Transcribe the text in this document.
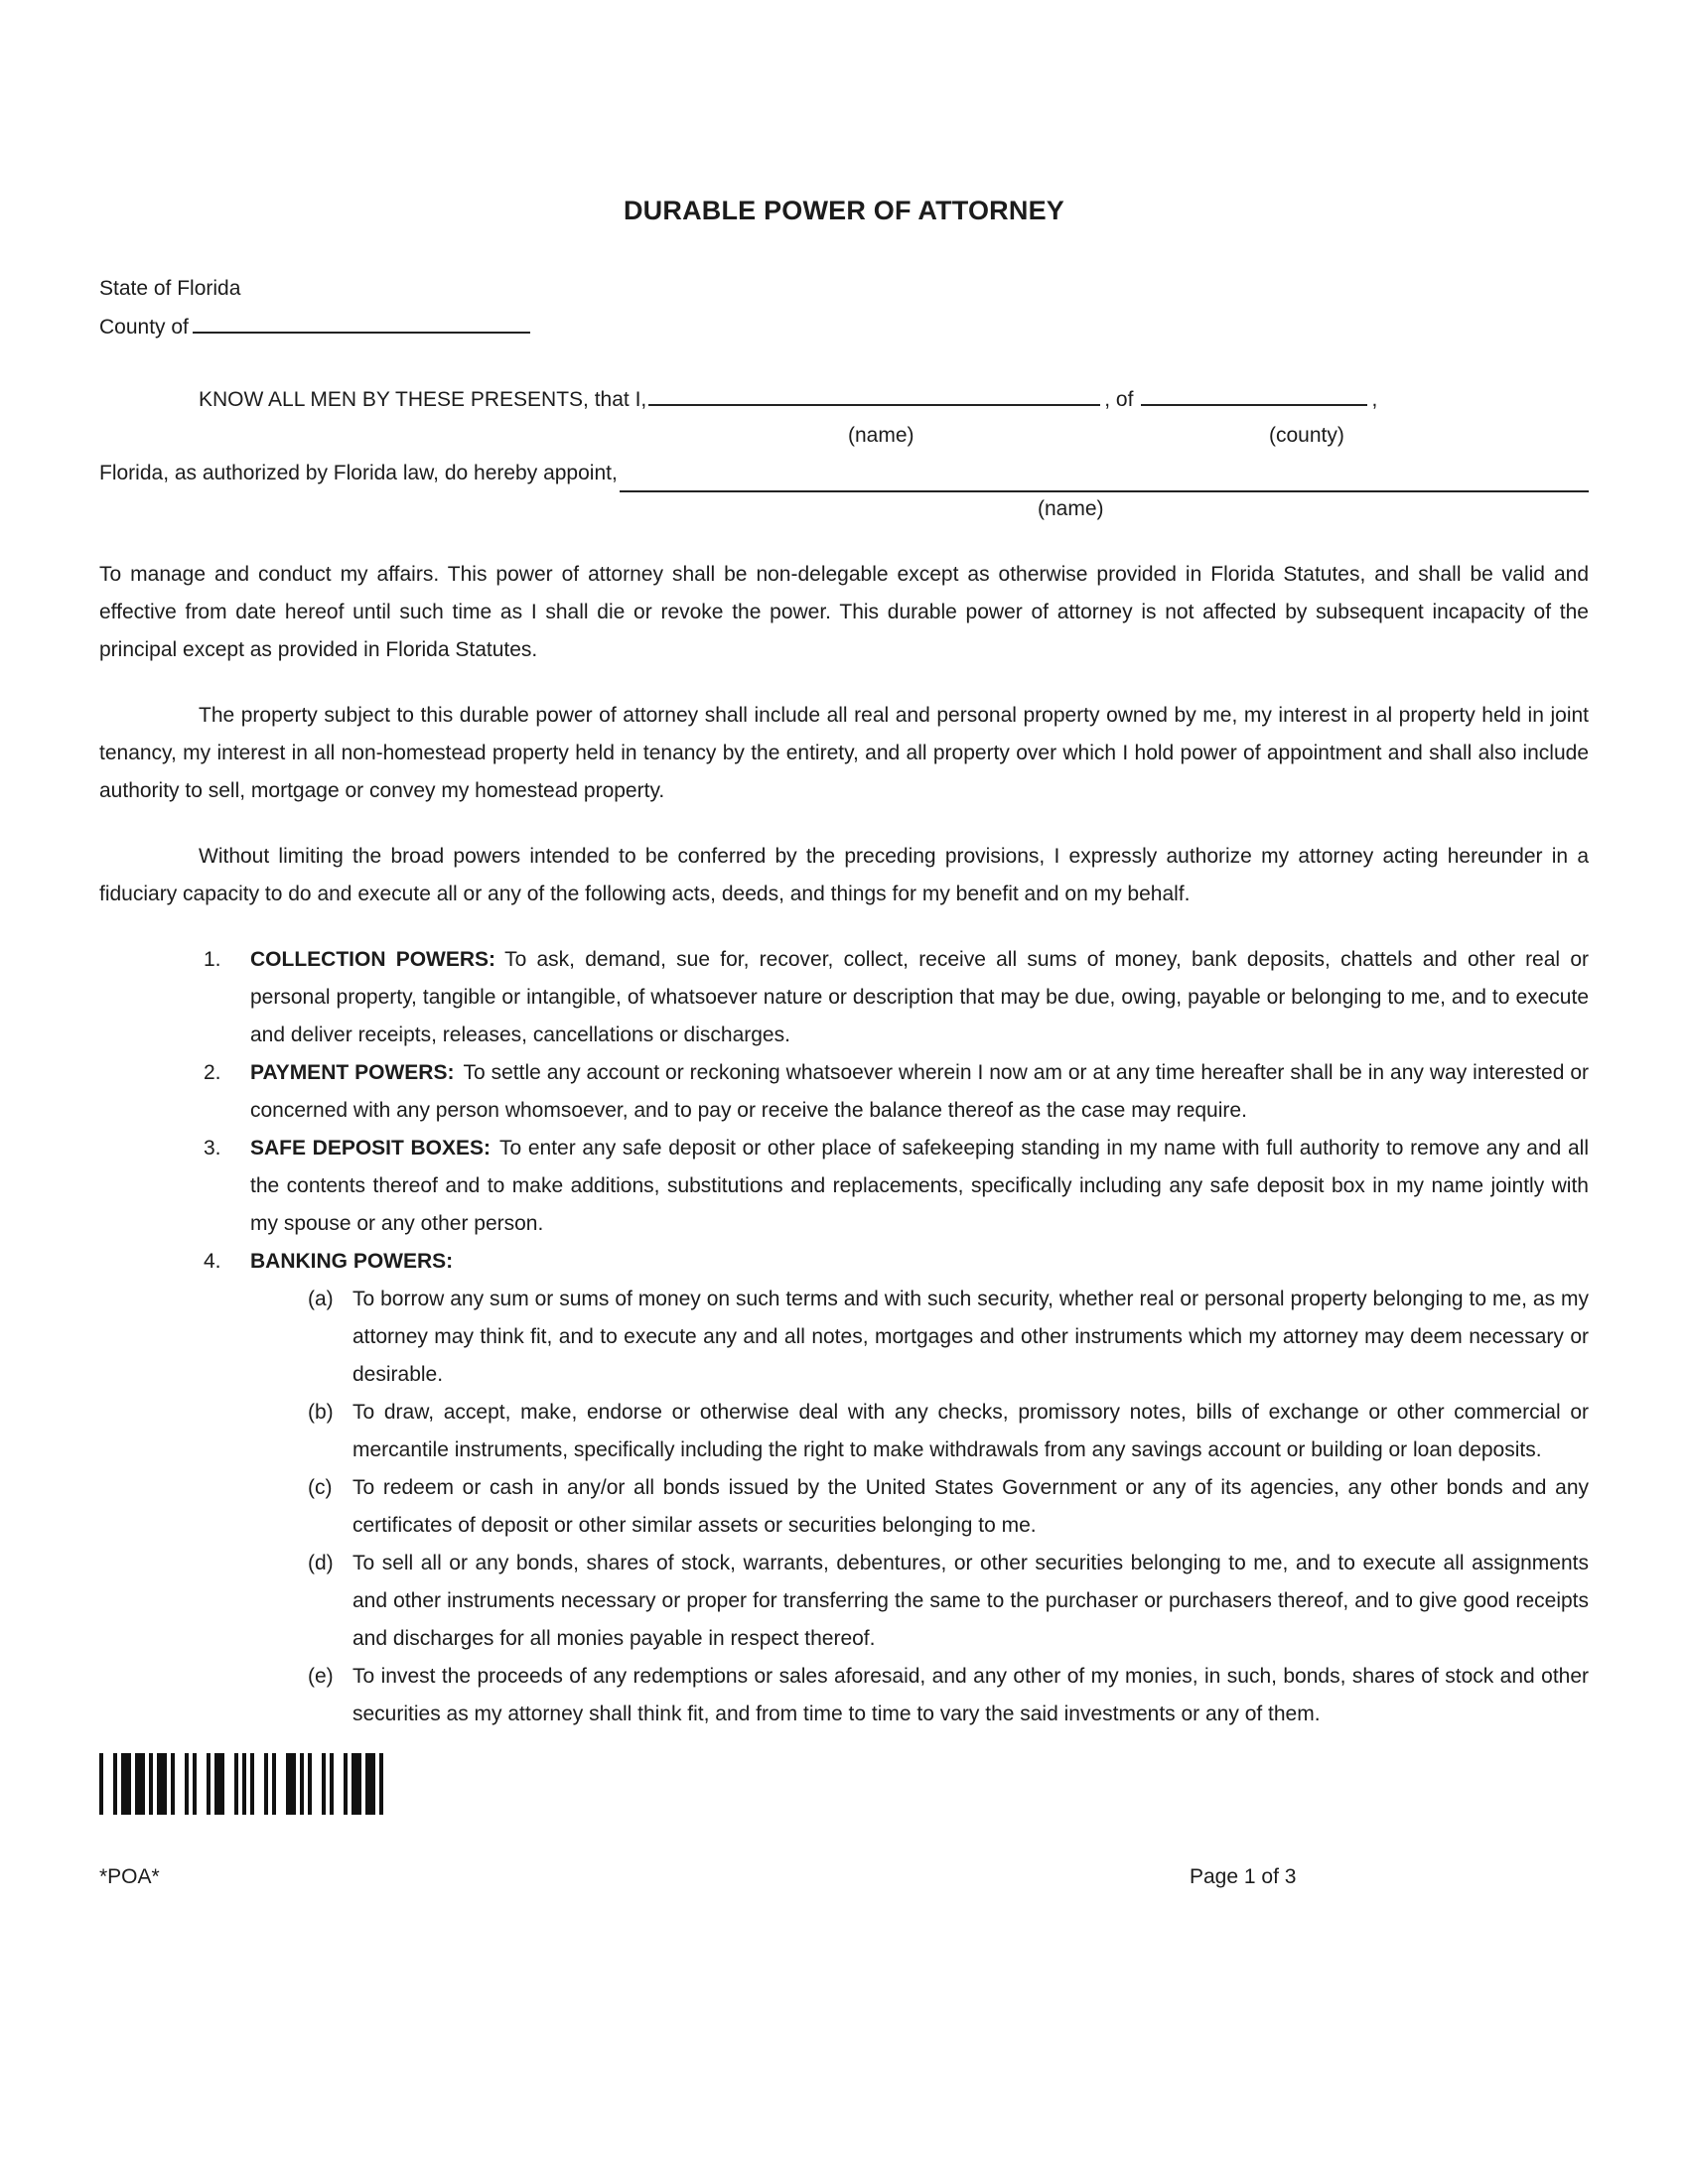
DURABLE POWER OF ATTORNEY
State of Florida
County of
KNOW ALL MEN BY THESE PRESENTS, that I,	, of	,
(name)	(county)
Florida, as authorized by Florida law, do hereby appoint,
(name)

To manage and conduct my affairs. This power of attorney shall be non-delegable except as otherwise provided in Florida Statutes, and shall be valid and effective from date hereof until such time as I shall die or revoke the power. This durable power of attorney is not affected by subsequent incapacity of the principal except as provided in Florida Statutes.

The property subject to this durable power of attorney shall include all real and personal property owned by me, my interest in al property held in joint tenancy, my interest in all non-homestead property held in tenancy by the entirety, and all property over which I hold power of appointment and shall also include authority to sell, mortgage or convey my homestead property.

Without limiting the broad powers intended to be conferred by the preceding provisions, I expressly authorize my attorney acting hereunder in a fiduciary capacity to do and execute all or any of the following acts, deeds, and things for my benefit and on my behalf.

1.	COLLECTION POWERS: To ask, demand, sue for, recover, collect, receive all sums of money, bank deposits, chattels and other real or personal property, tangible or intangible, of whatsoever nature or description that may be due, owing, payable or belonging to me, and to execute and deliver receipts, releases, cancellations or discharges.
2.	PAYMENT POWERS: To settle any account or reckoning whatsoever wherein I now am or at any time hereafter shall be in any way interested or concerned with any person whomsoever, and to pay or receive the balance thereof as the case may require.
3.	SAFE DEPOSIT BOXES: To enter any safe deposit or other place of safekeeping standing in my name with full authority to remove any and all the contents thereof and to make additions, substitutions and replacements, specifically including any safe deposit box in my name jointly with my spouse or any other person.
4.	BANKING POWERS:
(a) To borrow any sum or sums of money on such terms and with such security, whether real or personal property belonging to me, as my attorney may think fit, and to execute any and all notes, mortgages and other instruments which my attorney may deem necessary or desirable.
(b) To draw, accept, make, endorse or otherwise deal with any checks, promissory notes, bills of exchange or other commercial or mercantile instruments, specifically including the right to make withdrawals from any savings account or building or loan deposits.
(c) To redeem or cash in any/or all bonds issued by the United States Government or any of its agencies, any other bonds and any certificates of deposit or other similar assets or securities belonging to me.
(d) To sell all or any bonds, shares of stock, warrants, debentures, or other securities belonging to me, and to execute all assignments and other instruments necessary or proper for transferring the same to the purchaser or purchasers thereof, and to give good receipts and discharges for all monies payable in respect thereof.
(e) To invest the proceeds of any redemptions or sales aforesaid, and any other of my monies, in such, bonds, shares of stock and other securities as my attorney shall think fit, and from time to time to vary the said investments or any of them.
*POA*	Page 1 of 3
